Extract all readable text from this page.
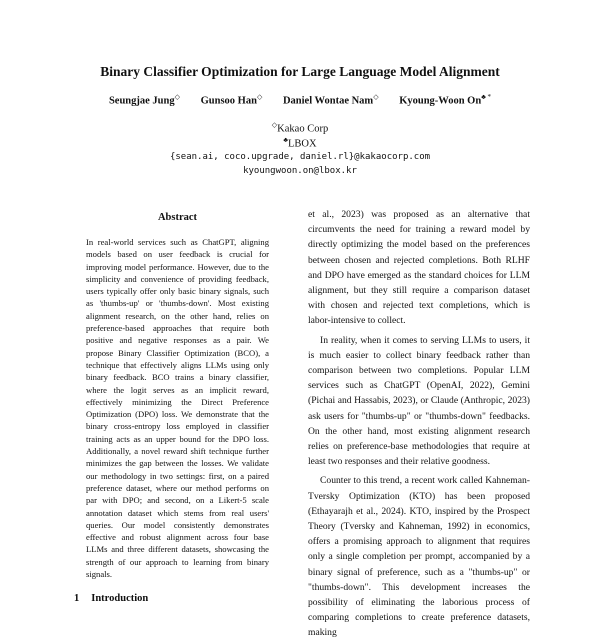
Binary Classifier Optimization for Large Language Model Alignment
Seungjae Jung◇ Gunsoo Han◇ Daniel Wontae Nam◇ Kyoung-Woon On♣ *
◇Kakao Corp
♣LBOX
{sean.ai, coco.upgrade, daniel.rl}@kakaocorp.com
kyoungwoon.on@lbox.kr
Abstract
In real-world services such as ChatGPT, aligning models based on user feedback is crucial for improving model performance. However, due to the simplicity and convenience of providing feedback, users typically offer only basic binary signals, such as 'thumbs-up' or 'thumbs-down'. Most existing alignment research, on the other hand, relies on preference-based approaches that require both positive and negative responses as a pair. We propose Binary Classifier Optimization (BCO), a technique that effectively aligns LLMs using only binary feedback. BCO trains a binary classifier, where the logit serves as an implicit reward, effectively minimizing the Direct Preference Optimization (DPO) loss. We demonstrate that the binary cross-entropy loss employed in classifier training acts as an upper bound for the DPO loss. Additionally, a novel reward shift technique further minimizes the gap between the losses. We validate our methodology in two settings: first, on a paired preference dataset, where our method performs on par with DPO; and second, on a Likert-5 scale annotation dataset which stems from real users' queries. Our model consistently demonstrates effective and robust alignment across four base LLMs and three different datasets, showcasing the strength of our approach to learning from binary signals.

et al., 2023) was proposed as an alternative that circumvents the need for training a reward model by directly optimizing the model based on the preferences between chosen and rejected completions. Both RLHF and DPO have emerged as the standard choices for LLM alignment, but they still require a comparison dataset with chosen and rejected text completions, which is labor-intensive to collect.

In reality, when it comes to serving LLMs to users, it is much easier to collect binary feedback rather than comparison between two completions. Popular LLM services such as ChatGPT (OpenAI, 2022), Gemini (Pichai and Hassabis, 2023), or Claude (Anthropic, 2023) ask users for "thumbs-up" or "thumbs-down" feedbacks. On the other hand, most existing alignment research relies on preference-base methodologies that require at least two responses and their relative goodness.

Counter to this trend, a recent work called Kahneman-Tversky Optimization (KTO) has been proposed (Ethayarajh et al., 2024). KTO, inspired by the Prospect Theory (Tversky and Kahneman, 1992) in economics, offers a promising approach to alignment that requires only a single completion per prompt, accompanied by a binary signal of preference, such as a "thumbs-up" or "thumbs-down". This development increases the possibility of eliminating the laborious process of comparing completions to create preference datasets, making

1 Introduction
